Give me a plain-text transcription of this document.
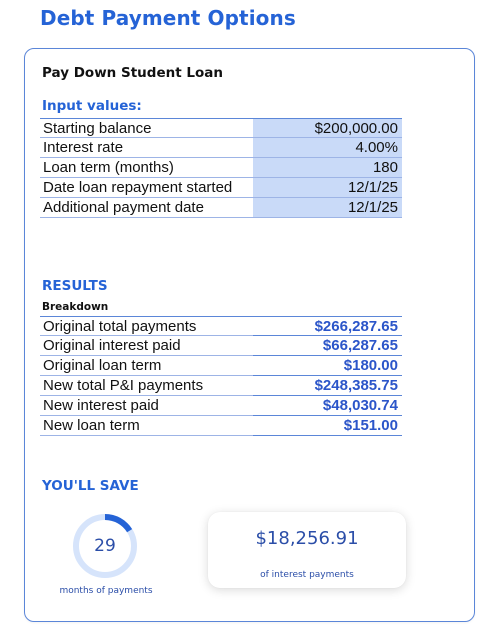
Debt Payment Options
Pay Down Student Loan
Input values:
Starting balance	$200,000.00
Interest rate	4.00%
Loan term (months)	180
Date loan repayment started	12/1/25
Additional payment date	12/1/25
RESULTS
Breakdown
Original total payments	$266,287.65
Original interest paid	$66,287.65
Original loan term	$180.00
New total P&I payments	$248,385.75
New interest paid	$48,030.74
New loan term	$151.00
YOU'LL SAVE
29
months of payments
$18,256.91
of interest payments
